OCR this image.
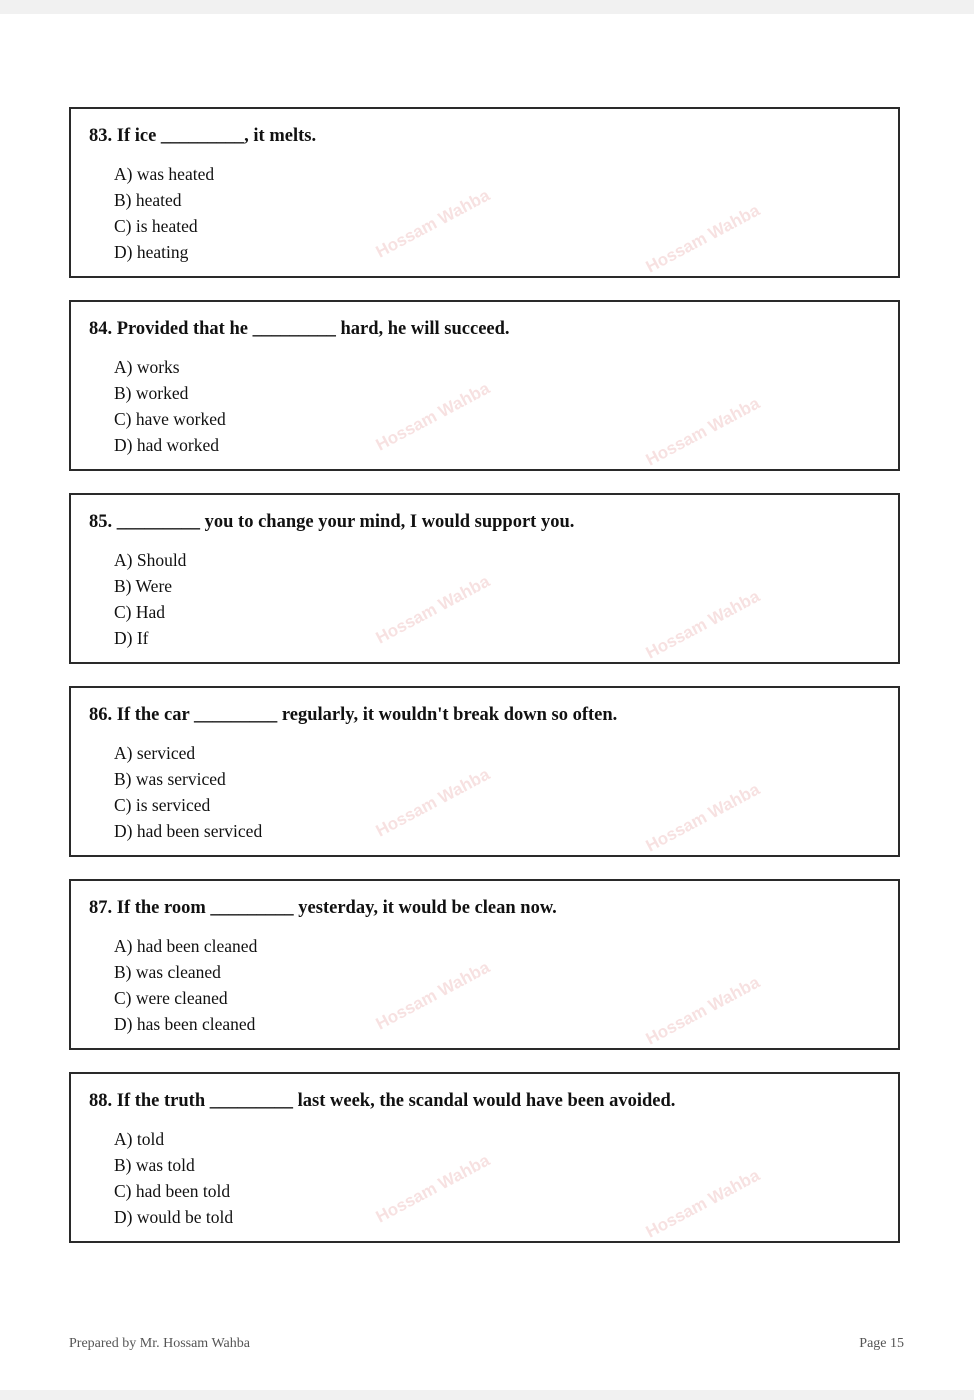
Hossam Wahba	Hossam Wahba
Hossam Wahba	Hossam Wahba
Hossam Wahba	Hossam Wahba
Hossam Wahba	Hossam Wahba
Hossam Wahba	Hossam Wahba
Hossam Wahba	Hossam Wahba
83. If ice _________, it melts.
A) was heated
B) heated
C) is heated
D) heating
84. Provided that he _________ hard, he will succeed.
A) works
B) worked
C) have worked
D) had worked
85. _________ you to change your mind, I would support you.
A) Should
B) Were
C) Had
D) If
86. If the car _________ regularly, it wouldn't break down so often.
A) serviced
B) was serviced
C) is serviced
D) had been serviced
87. If the room _________ yesterday, it would be clean now.
A) had been cleaned
B) was cleaned
C) were cleaned
D) has been cleaned
88. If the truth _________ last week, the scandal would have been avoided.
A) told
B) was told
C) had been told
D) would be told
Prepared by Mr. Hossam Wahba	Page 15
